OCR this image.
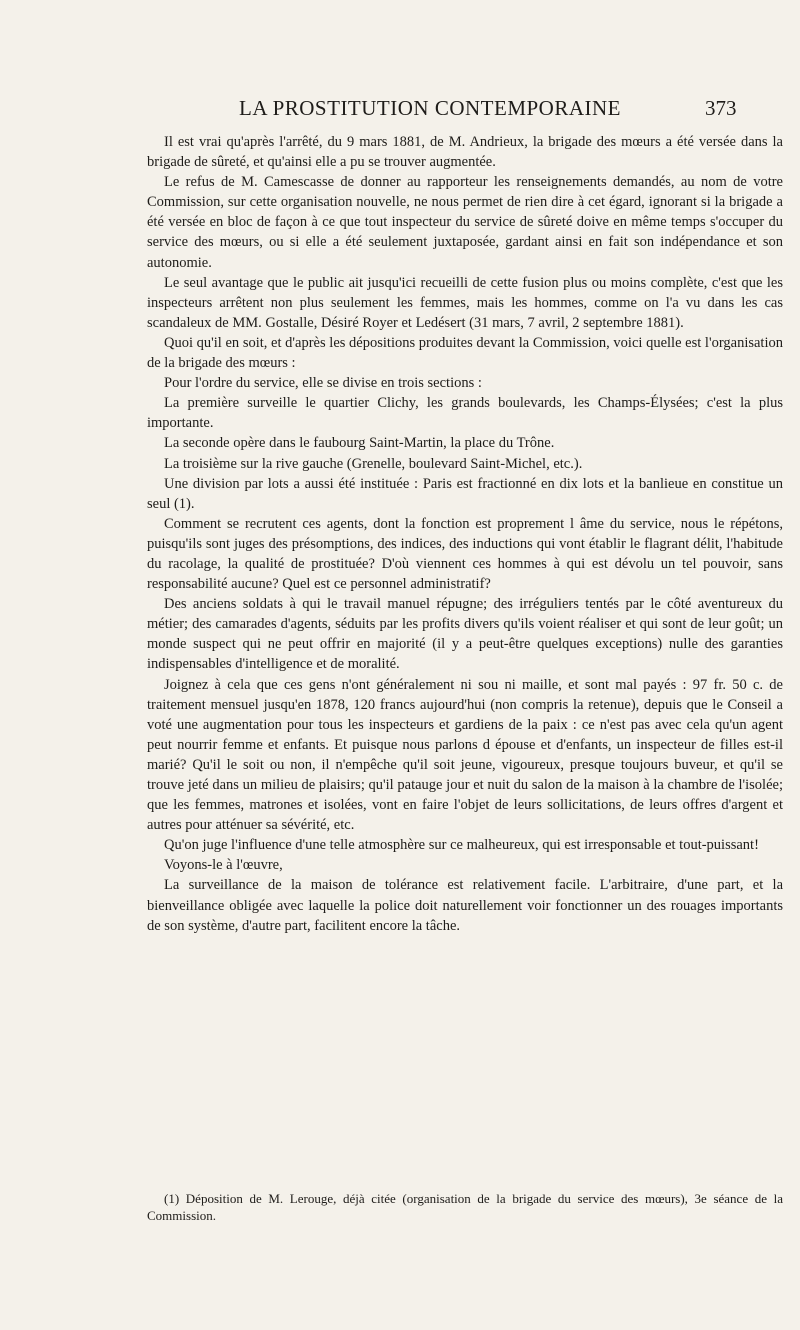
LA PROSTITUTION CONTEMPORAINE	373

Il est vrai qu'après l'arrêté, du 9 mars 1881, de M. Andrieux, la brigade des mœurs a été versée dans la brigade de sûreté, et qu'ainsi elle a pu se trouver augmentée.

Le refus de M. Camescasse de donner au rapporteur les renseignements demandés, au nom de votre Commission, sur cette organisation nouvelle, ne nous permet de rien dire à cet égard, ignorant si la brigade a été versée en bloc de façon à ce que tout inspecteur du service de sûreté doive en même temps s'occuper du service des mœurs, ou si elle a été seulement juxtaposée, gardant ainsi en fait son indépendance et son autonomie.

Le seul avantage que le public ait jusqu'ici recueilli de cette fusion plus ou moins complète, c'est que les inspecteurs arrêtent non plus seulement les femmes, mais les hommes, comme on l'a vu dans les cas scandaleux de MM. Gostalle, Désiré Royer et Ledésert (31 mars, 7 avril, 2 septembre 1881).

Quoi qu'il en soit, et d'après les dépositions produites devant la Commission, voici quelle est l'organisation de la brigade des mœurs :

Pour l'ordre du service, elle se divise en trois sections :

La première surveille le quartier Clichy, les grands boulevards, les Champs-Élysées; c'est la plus importante.

La seconde opère dans le faubourg Saint-Martin, la place du Trône.

La troisième sur la rive gauche (Grenelle, boulevard Saint-Michel, etc.).

Une division par lots a aussi été instituée : Paris est fractionné en dix lots et la banlieue en constitue un seul (1).

Comment se recrutent ces agents, dont la fonction est proprement l âme du service, nous le répétons, puisqu'ils sont juges des présomptions, des indices, des inductions qui vont établir le flagrant délit, l'habitude du racolage, la qualité de prostituée? D'où viennent ces hommes à qui est dévolu un tel pouvoir, sans responsabilité aucune? Quel est ce personnel administratif?

Des anciens soldats à qui le travail manuel répugne; des irréguliers tentés par le côté aventureux du métier; des camarades d'agents, séduits par les profits divers qu'ils voient réaliser et qui sont de leur goût; un monde suspect qui ne peut offrir en majorité (il y a peut-être quelques exceptions) nulle des garanties indispensables d'intelligence et de moralité.

Joignez à cela que ces gens n'ont généralement ni sou ni maille, et sont mal payés : 97 fr. 50 c. de traitement mensuel jusqu'en 1878, 120 francs aujourd'hui (non compris la retenue), depuis que le Conseil a voté une augmentation pour tous les inspecteurs et gardiens de la paix : ce n'est pas avec cela qu'un agent peut nourrir femme et enfants. Et puisque nous parlons d épouse et d'enfants, un inspecteur de filles est-il marié? Qu'il le soit ou non, il n'empêche qu'il soit jeune, vigoureux, presque toujours buveur, et qu'il se trouve jeté dans un milieu de plaisirs; qu'il patauge jour et nuit du salon de la maison à la chambre de l'isolée; que les femmes, matrones et isolées, vont en faire l'objet de leurs sollicitations, de leurs offres d'argent et autres pour atténuer sa sévérité, etc.

Qu'on juge l'influence d'une telle atmosphère sur ce malheureux, qui est irresponsable et tout-puissant!

Voyons-le à l'œuvre,

La surveillance de la maison de tolérance est relativement facile. L'arbitraire, d'une part, et la bienveillance obligée avec laquelle la police doit naturellement voir fonctionner un des rouages importants de son système, d'autre part, facilitent encore la tâche.

(1) Déposition de M. Lerouge, déjà citée (organisation de la brigade du service des mœurs), 3e séance de la Commission.
